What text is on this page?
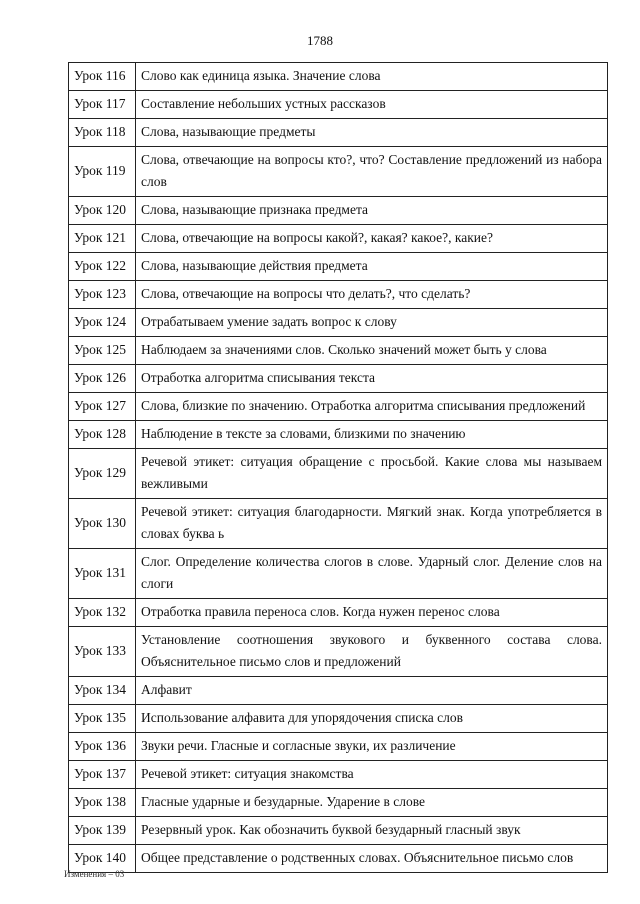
1788
Урок 116	Слово как единица языка. Значение слова
Урок 117	Составление небольших устных рассказов
Урок 118	Слова, называющие предметы
Урок 119	Слова, отвечающие на вопросы кто?, что? Составление предложений из набора слов
Урок 120	Слова, называющие признака предмета
Урок 121	Слова, отвечающие на вопросы какой?, какая? какое?, какие?
Урок 122	Слова, называющие действия предмета
Урок 123	Слова, отвечающие на вопросы что делать?, что сделать?
Урок 124	Отрабатываем умение задать вопрос к слову
Урок 125	Наблюдаем за значениями слов. Сколько значений может быть у слова
Урок 126	Отработка алгоритма списывания текста
Урок 127	Слова, близкие по значению. Отработка алгоритма списывания предложений
Урок 128	Наблюдение в тексте за словами, близкими по значению
Урок 129	Речевой этикет: ситуация обращение с просьбой. Какие слова мы называем вежливыми
Урок 130	Речевой этикет: ситуация благодарности. Мягкий знак. Когда употребляется в словах буква ь
Урок 131	Слог. Определение количества слогов в слове. Ударный слог. Деление слов на слоги
Урок 132	Отработка правила переноса слов. Когда нужен перенос слова
Урок 133	Установление соотношения звукового и буквенного состава слова. Объяснительное письмо слов и предложений
Урок 134	Алфавит
Урок 135	Использование алфавита для упорядочения списка слов
Урок 136	Звуки речи. Гласные и согласные звуки, их различение
Урок 137	Речевой этикет: ситуация знакомства
Урок 138	Гласные ударные и безударные. Ударение в слове
Урок 139	Резервный урок. Как обозначить буквой безударный гласный звук
Урок 140	Общее представление о родственных словах. Объяснительное письмо слов
Изменения – 03
